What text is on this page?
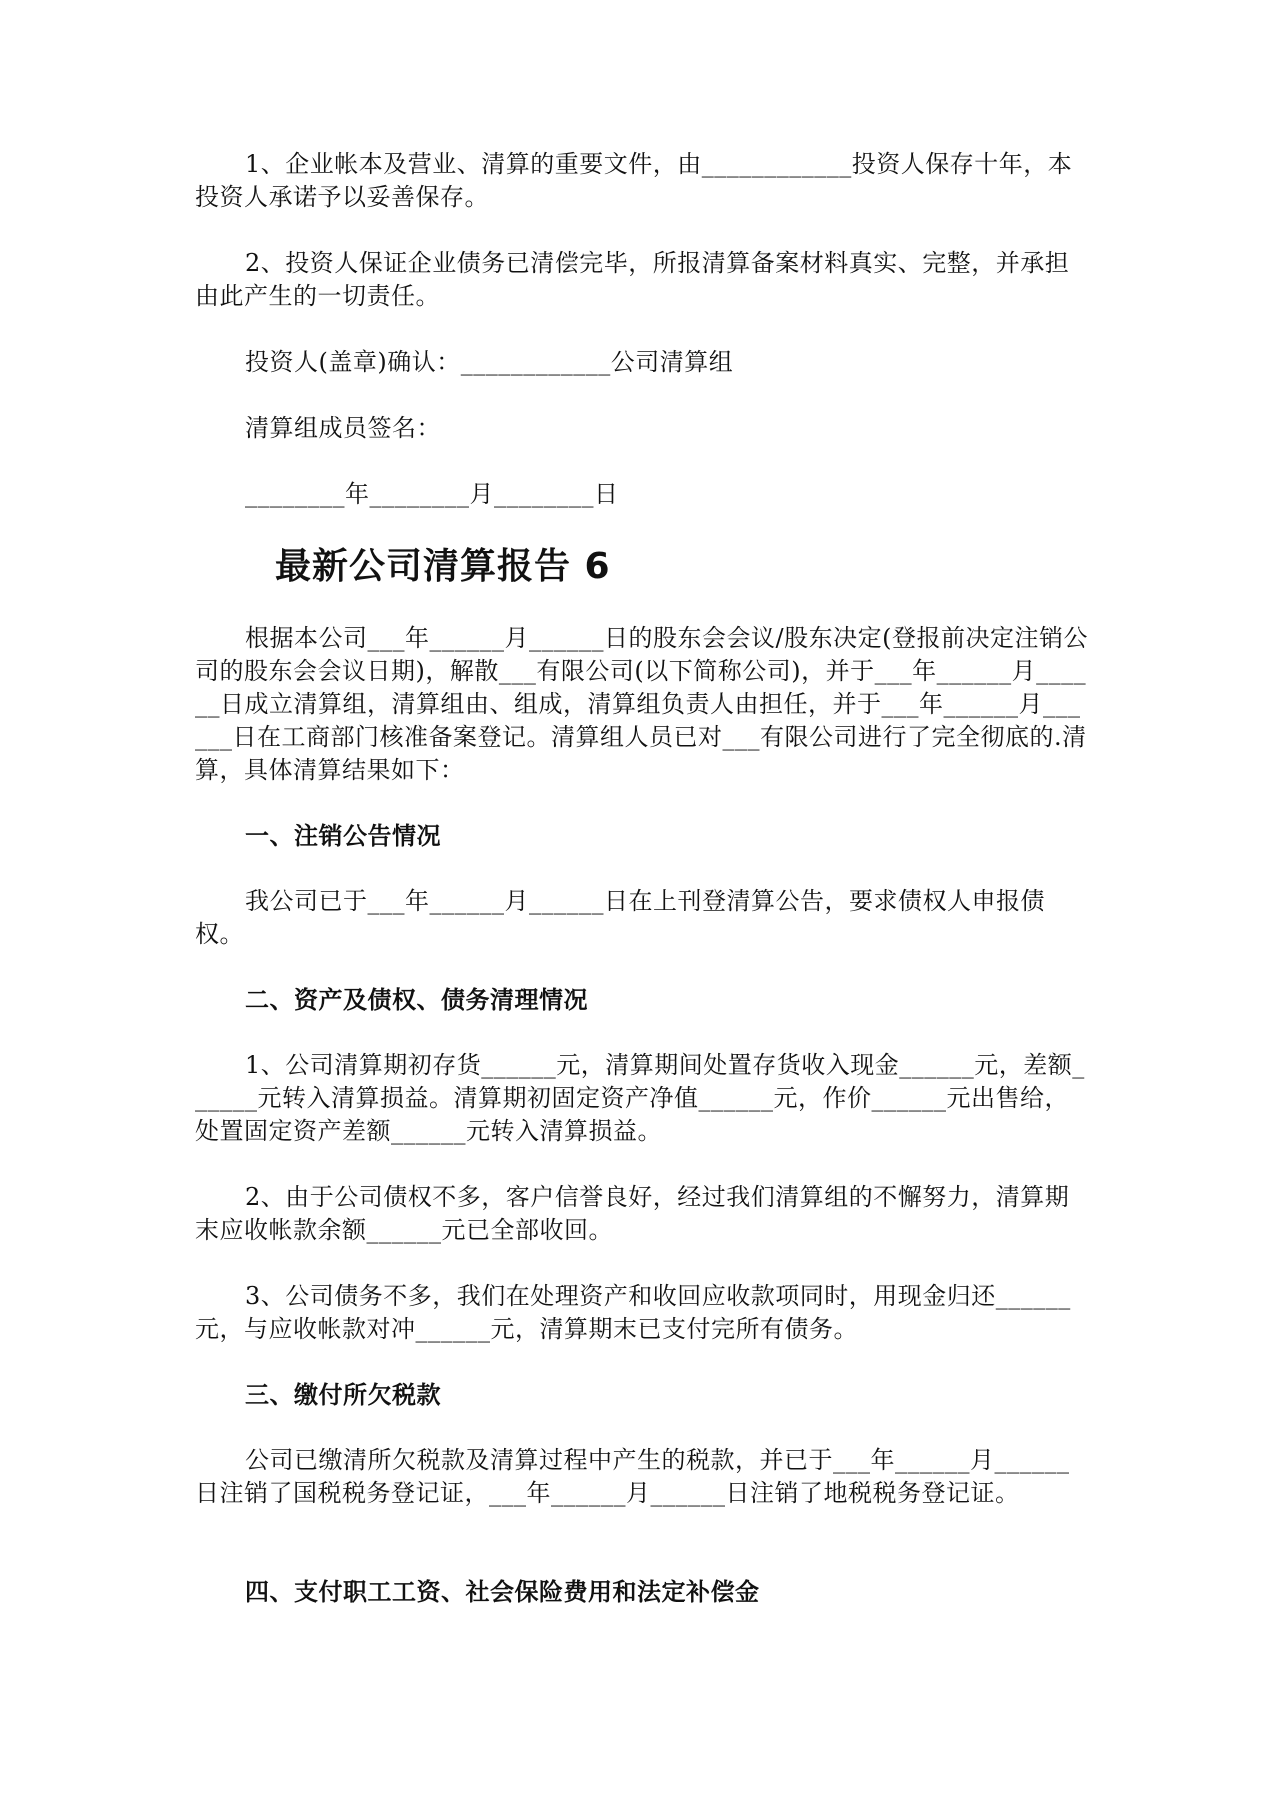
1、企业帐本及营业、清算的重要文件，由____________投资人保存十年，本投资人承诺予以妥善保存。

2、投资人保证企业债务已清偿完毕，所报清算备案材料真实、完整，并承担由此产生的一切责任。

投资人(盖章)确认：____________公司清算组

清算组成员签名：

________年________月________日

最新公司清算报告 6

根据本公司___年______月______日的股东会会议/股东决定(登报前决定注销公司的股东会会议日期)，解散___有限公司(以下简称公司)，并于___年______月______日成立清算组，清算组由、组成，清算组负责人由担任，并于___年______月______日在工商部门核准备案登记。清算组人员已对___有限公司进行了完全彻底的.清算，具体清算结果如下：

一、注销公告情况

我公司已于___年______月______日在上刊登清算公告，要求债权人申报债权。

二、资产及债权、债务清理情况

1、公司清算期初存货______元，清算期间处置存货收入现金______元，差额______元转入清算损益。清算期初固定资产净值______元，作价______元出售给，处置固定资产差额______元转入清算损益。

2、由于公司债权不多，客户信誉良好，经过我们清算组的不懈努力，清算期末应收帐款余额______元已全部收回。

3、公司债务不多，我们在处理资产和收回应收款项同时，用现金归还______元，与应收帐款对冲______元，清算期末已支付完所有债务。

三、缴付所欠税款

公司已缴清所欠税款及清算过程中产生的税款，并已于___年______月______日注销了国税税务登记证，___年______月______日注销了地税税务登记证。

四、支付职工工资、社会保险费用和法定补偿金
